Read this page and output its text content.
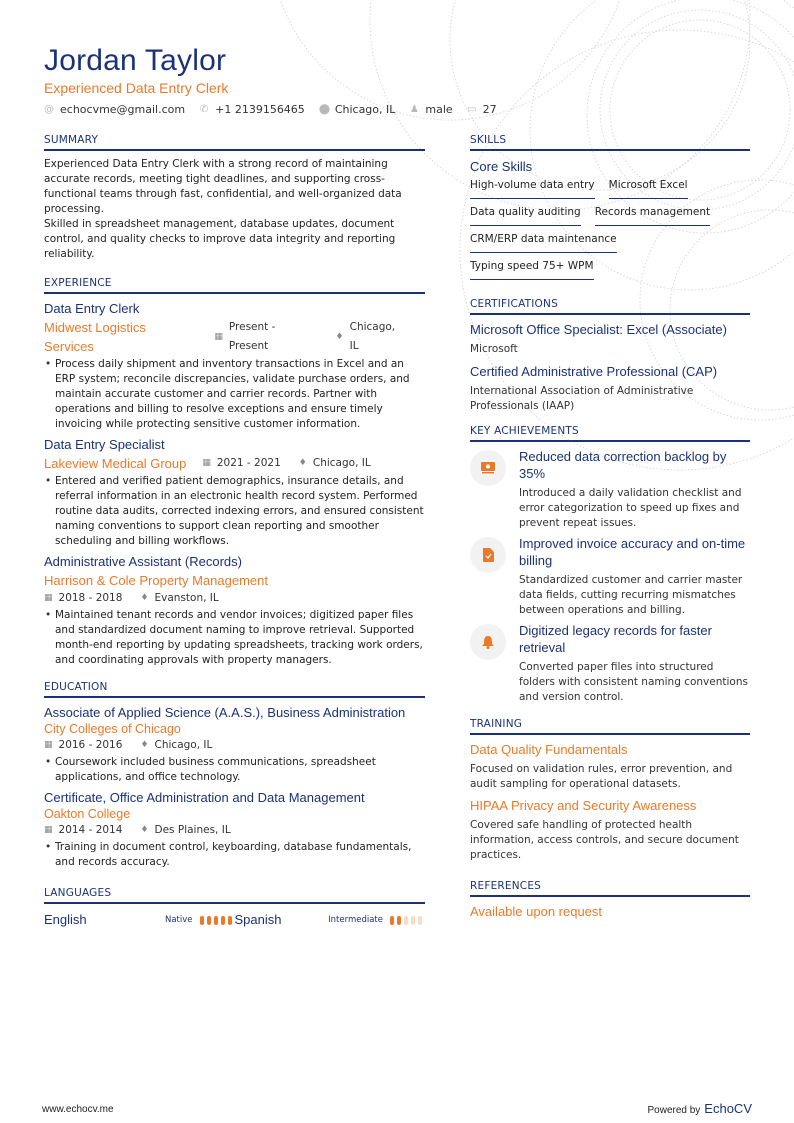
Jordan Taylor
Experienced Data Entry Clerk
@ echocvme@gmail.com ✆ +1 2139156465 ⬤ Chicago, IL ♟ male ▭ 27
SUMMARY

Experienced Data Entry Clerk with a strong record of maintaining accurate records, meeting tight deadlines, and supporting cross-functional teams through fast, confidential, and well-organized data processing.

Skilled in spreadsheet management, database updates, document control, and quality checks to improve data integrity and reporting reliability.

EXPERIENCE
Data Entry Clerk
Midwest Logistics Services
▦
Present - Present
♦
Chicago, IL
• Process daily shipment and inventory transactions in Excel and an ERP system; reconcile discrepancies, validate purchase orders, and maintain accurate customer and carrier records. Partner with operations and billing to resolve exceptions and ensure timely invoicing while protecting sensitive customer information.
Data Entry Specialist
Lakeview Medical Group ▦ 2021 - 2021 ♦ Chicago, IL
• Entered and verified patient demographics, insurance details, and referral information in an electronic health record system. Performed routine data audits, corrected indexing errors, and ensured consistent naming conventions to support clean reporting and smoother scheduling and billing workflows.
Administrative Assistant (Records)
Harrison & Cole Property Management
▦ 2018 - 2018 ♦ Evanston, IL
• Maintained tenant records and vendor invoices; digitized paper files and standardized document naming to improve retrieval. Supported month-end reporting by updating spreadsheets, tracking work orders, and coordinating approvals with property managers.
EDUCATION
Associate of Applied Science (A.A.S.), Business Administration
City Colleges of Chicago
▦ 2016 - 2016 ♦ Chicago, IL
• Coursework included business communications, spreadsheet applications, and office technology.
Certificate, Office Administration and Data Management
Oakton College
▦ 2014 - 2014 ♦ Des Plaines, IL
• Training in document control, keyboarding, database fundamentals, and records accuracy.
LANGUAGES
English	Native	Spanish	Intermediate
SKILLS
Core Skills
High-volume data entry Microsoft Excel
Data quality auditing Records management
CRM/ERP data maintenance
Typing speed 75+ WPM
CERTIFICATIONS
Microsoft Office Specialist: Excel (Associate)
Microsoft
Certified Administrative Professional (CAP)
International Association of Administrative Professionals (IAAP)
KEY ACHIEVEMENTS
Reduced data correction backlog by 35%
Introduced a daily validation checklist and error categorization to speed up fixes and prevent repeat issues.
Improved invoice accuracy and on-time billing
Standardized customer and carrier master data fields, cutting recurring mismatches between operations and billing.
Digitized legacy records for faster retrieval
Converted paper files into structured folders with consistent naming conventions and version control.
TRAINING
Data Quality Fundamentals
Focused on validation rules, error prevention, and audit sampling for operational datasets.
HIPAA Privacy and Security Awareness
Covered safe handling of protected health information, access controls, and secure document practices.
REFERENCES
Available upon request
www.echocv.me	Powered by EchoCV
